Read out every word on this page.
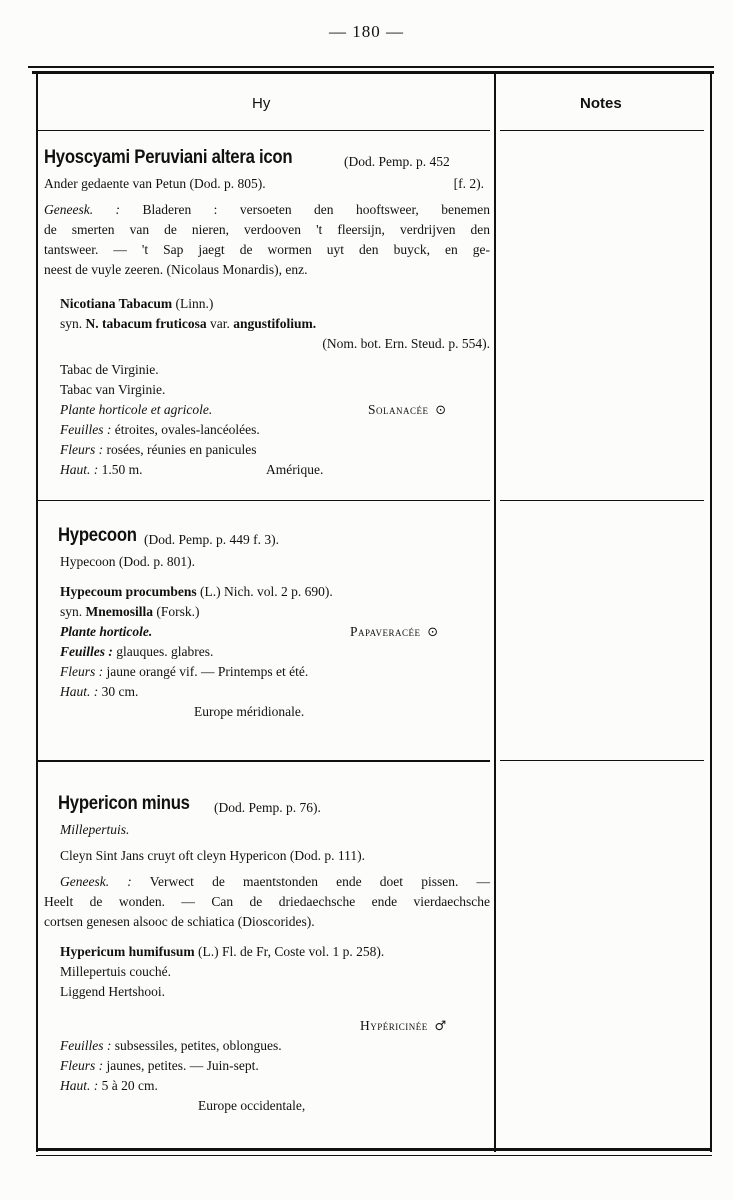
— 180 —
Hy	Notes
Hyoscyami Peruviani altera icon	(Dod. Pemp. p. 452
Ander gedaente van Petun (Dod. p. 805).	[f. 2).
Geneesk. : Bladeren : versoeten den hooftsweer, benemen
de smerten van de nieren, verdooven 't fleersijn, verdrijven den
tantsweer. — 't Sap jaegt de wormen uyt den buyck, en ge-
neest de vuyle zeeren. (Nicolaus Monardis), enz.
Nicotiana Tabacum (Linn.)
syn. N. tabacum fruticosa var. angustifolium.
(Nom. bot. Ern. Steud. p. 554).
Tabac de Virginie.
Tabac van Virginie.
Plante horticole et agricole.	Solanacée ⊙
Feuilles : étroites, ovales-lancéolées.
Fleurs : rosées, réunies en panicules
Haut. : 1.50 m.	Amérique.
Hypecoon (Dod. Pemp. p. 449 f. 3).
Hypecoon (Dod. p. 801).
Hypecoum procumbens (L.) Nich. vol. 2 p. 690).
syn. Mnemosilla (Forsk.)
Plante horticole.	Papaveracée ⊙
Feuilles : glauques. glabres.
Fleurs : jaune orangé vif. — Printemps et été.
Haut. : 30 cm.
Europe méridionale.
Hypericon minus (Dod. Pemp. p. 76).
Millepertuis.
Cleyn Sint Jans cruyt oft cleyn Hypericon (Dod. p. 111).
Geneesk. : Verwect de maentstonden ende doet pissen. —
Heelt de wonden. — Can de driedaechsche ende vierdaechsche
cortsen genesen alsooc de schiatica (Dioscorides).
Hypericum humifusum (L.) Fl. de Fr, Coste vol. 1 p. 258).
Millepertuis couché.
Liggend Hertshooi.
Hypéricinée ♂
Feuilles : subsessiles, petites, oblongues.
Fleurs : jaunes, petites. — Juin-sept.
Haut. : 5 à 20 cm.
Europe occidentale,
